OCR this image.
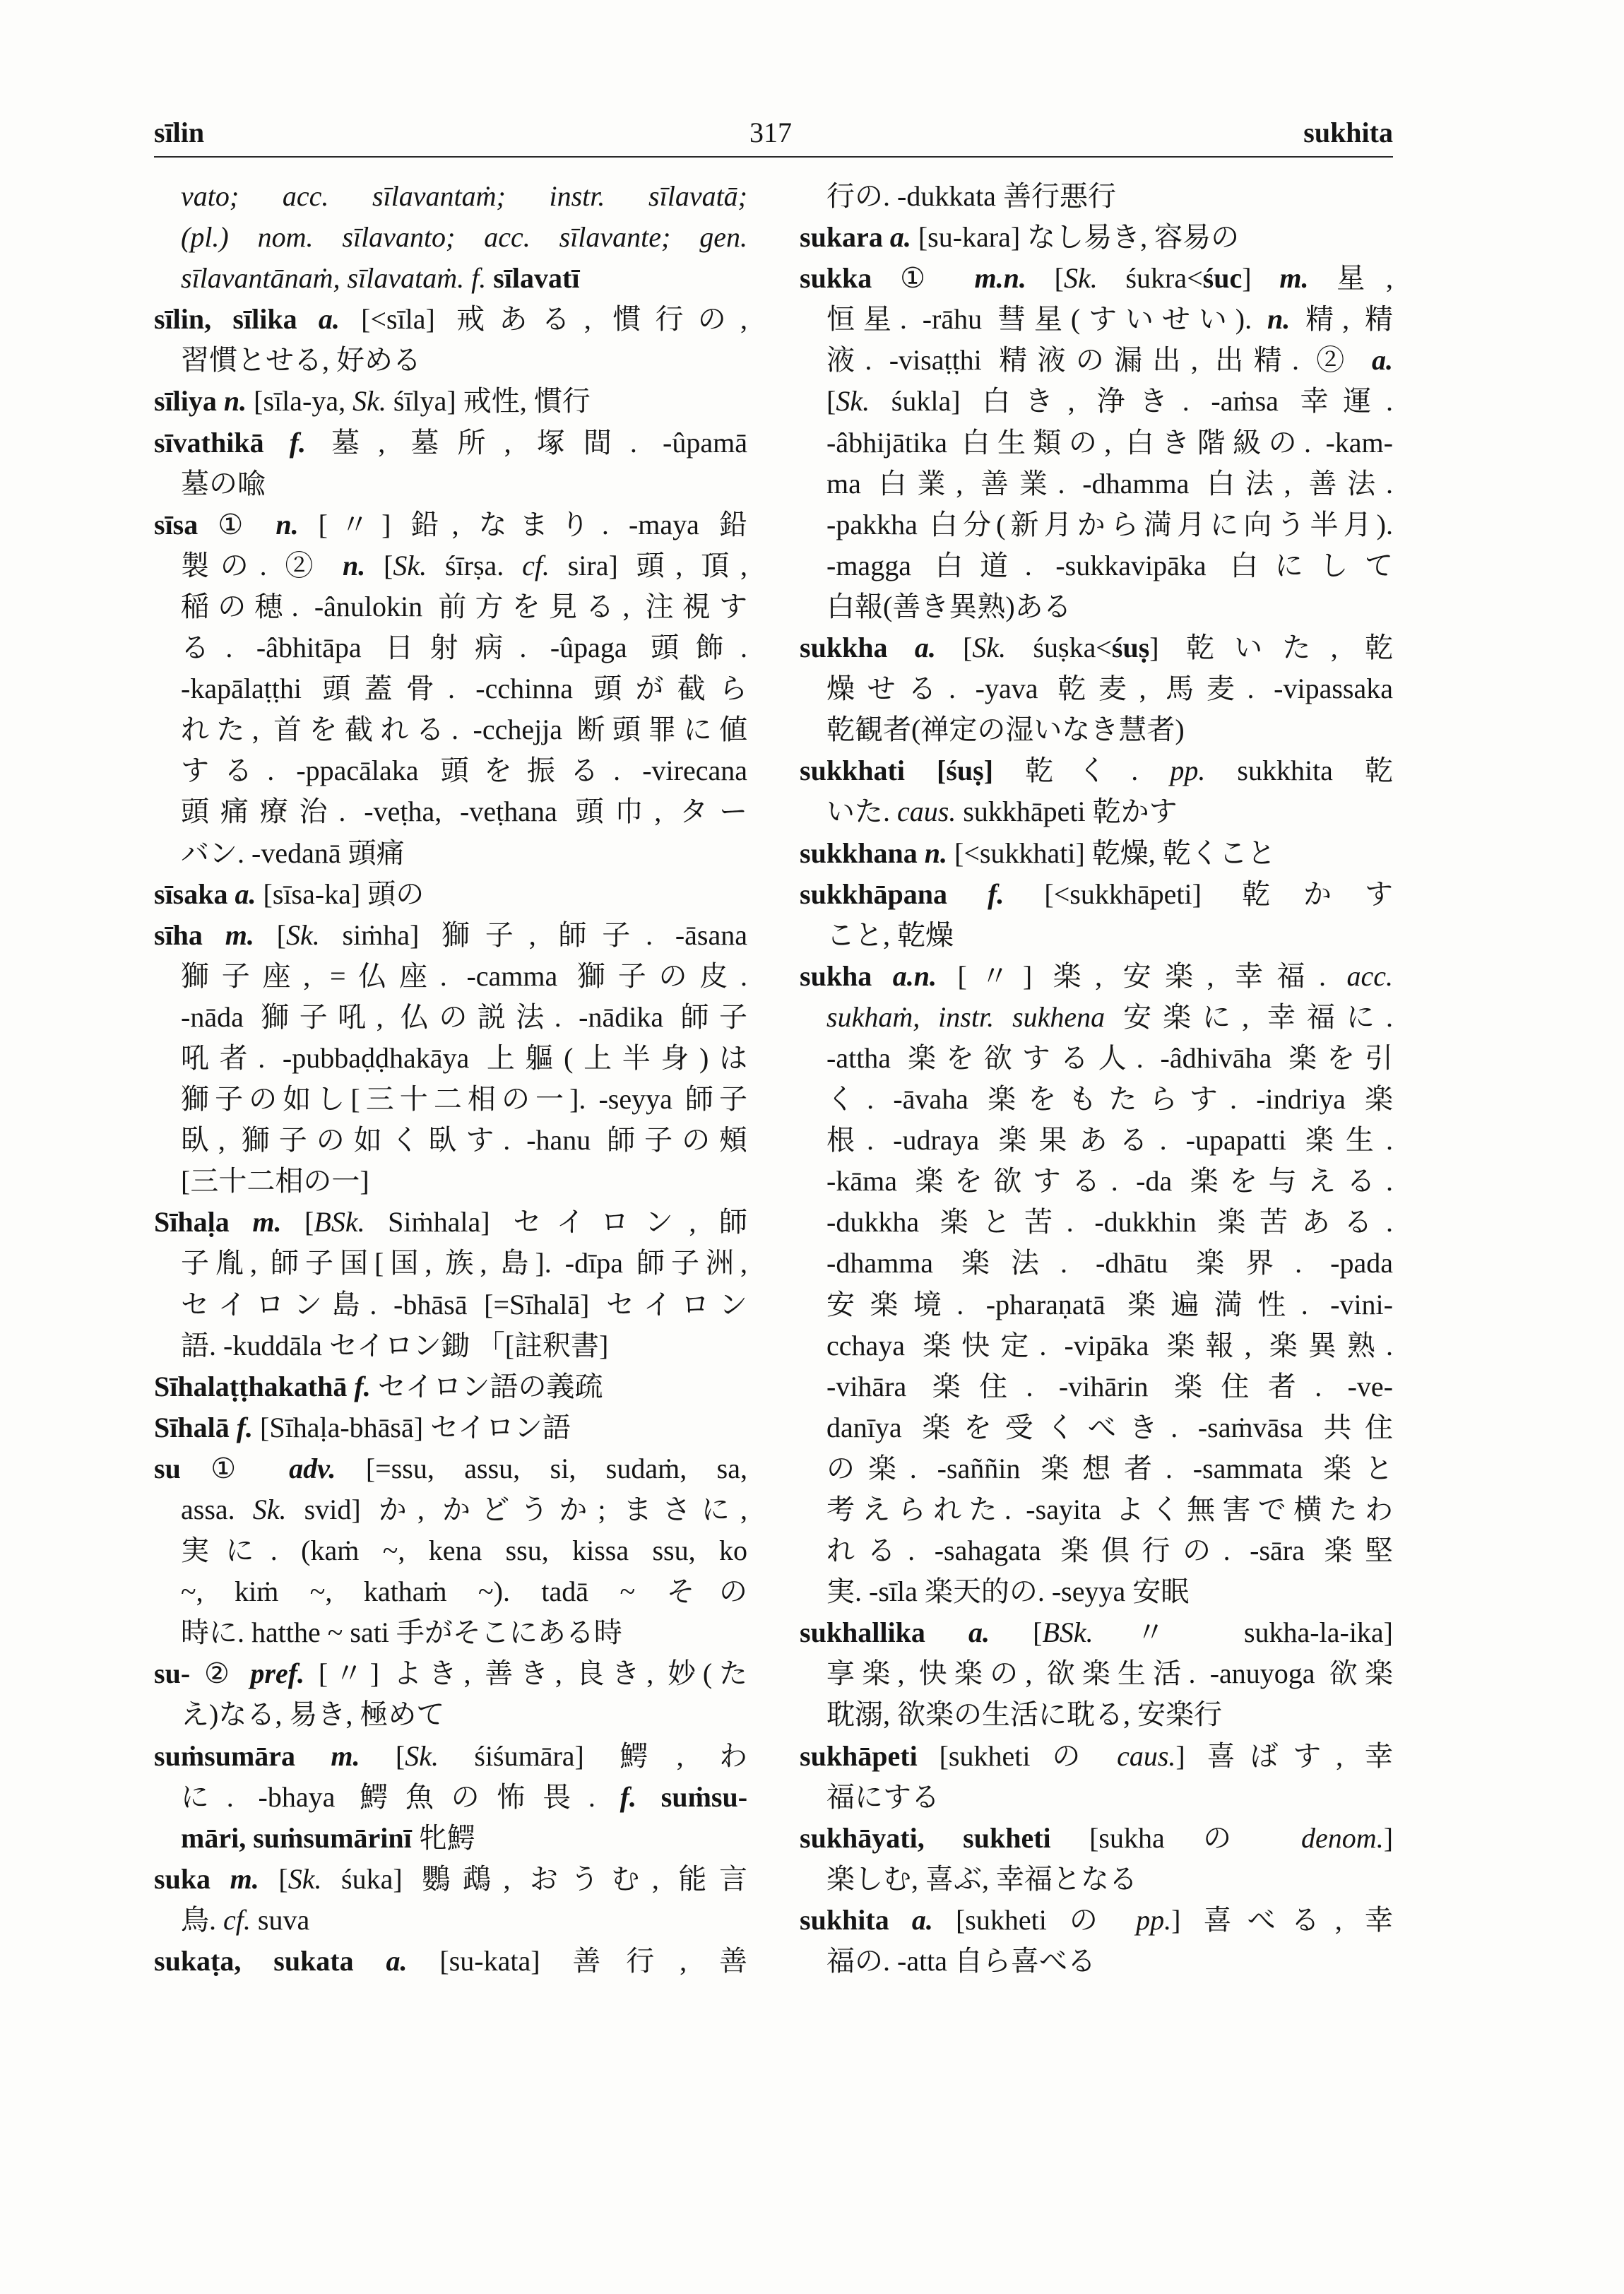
sīlin	317	sukhita
vato; acc. sīlavantaṁ; instr. sīlavatā;
(pl.) nom. sīlavanto; acc. sīlavante; gen.
sīlavantānaṁ, sīlavataṁ. f. sīlavatī
sīlin, sīlika a. [<sīla] 戒ある, 慣行の,
習慣とせる, 好める
sīliya n. [sīla-ya, Sk. śīlya] 戒性, 慣行
sīvathikā f. 墓, 墓所, 塚間. -ûpamā
墓の喩
sīsa ① n. [〃] 鉛, なまり. -maya 鉛
製の. ② n. [Sk. śīrṣa. cf. sira] 頭, 頂,
稲の穂. -ânulokin 前方を見る, 注視す
る. -âbhitāpa 日射病. -ûpaga 頭飾.
-kapālaṭṭhi 頭蓋骨. -cchinna 頭が截ら
れた, 首を截れる. -cchejja 断頭罪に値
する. -ppacālaka 頭を振る. -virecana
頭痛療治. -veṭha, -veṭhana 頭巾, ター
バン. -vedanā 頭痛
sīsaka a. [sīsa-ka] 頭の
sīha m. [Sk. siṁha] 獅子, 師子. -āsana
獅子座, =仏座. -camma 獅子の皮.
-nāda 獅子吼, 仏の説法. -nādika 師子
吼者. -pubbaḍḍhakāya 上軀(上半身)は
獅子の如し[三十二相の一]. -seyya 師子
臥, 獅子の如く臥す. -hanu 師子の頰
[三十二相の一]
Sīhaḷa m. [BSk. Siṁhala] セイロン, 師
子胤, 師子国[国, 族, 島]. -dīpa 師子洲,
セイロン島. -bhāsā [=Sīhalā] セイロン
語. -kuddāla セイロン鋤 「[註釈書]
Sīhalaṭṭhakathā f. セイロン語の義疏
Sīhalā f. [Sīhaḷa-bhāsā] セイロン語
su ① adv. [=ssu, assu, si, sudaṁ, sa,
assa. Sk. svid] か, かどうか; まさに,
実に. (kaṁ ~, kena ssu, kissa ssu, ko
~, kiṁ ~, kathaṁ ~). tadā ~ その
時に. hatthe ~ sati 手がそこにある時
su- ② pref. [〃] よき, 善き, 良き, 妙(た
え)なる, 易き, 極めて
suṁsumāra m. [Sk. śiśumāra] 鰐, わ
に. -bhaya 鰐魚の怖畏. f. suṁsu-
māri, suṁsumārinī 牝鰐
suka m. [Sk. śuka] 鸚鵡, おうむ, 能言
鳥. cf. suva
sukaṭa, sukata a. [su-kata] 善行, 善
行の. -dukkata 善行悪行
sukara a. [su-kara] なし易き, 容易の
sukka ① m.n. [Sk. śukra<śuc] m. 星,
恒星. -rāhu 彗星(すいせい). n. 精, 精
液. -visaṭṭhi 精液の漏出, 出精. ② a.
[Sk. śukla] 白き, 浄き. -aṁsa 幸運.
-âbhijātika 白生類の, 白き階級の. -kam-
ma 白業, 善業. -dhamma 白法, 善法.
-pakkha 白分(新月から満月に向う半月).
-magga 白道. -sukkavipāka 白にして
白報(善き異熟)ある
sukkha a. [Sk. śuṣka<śuṣ] 乾いた, 乾
燥せる. -yava 乾麦, 馬麦. -vipassaka
乾観者(禅定の湿いなき慧者)
sukkhati [śuṣ] 乾く. pp. sukkhita 乾
いた. caus. sukkhāpeti 乾かす
sukkhana n. [<sukkhati] 乾燥, 乾くこと
sukkhāpana f. [<sukkhāpeti] 乾かす
こと, 乾燥
sukha a.n. [〃] 楽, 安楽, 幸福. acc.
sukhaṁ, instr. sukhena 安楽に, 幸福に.
-attha 楽を欲する人. -âdhivāha 楽を引
く. -āvaha 楽をもたらす. -indriya 楽
根. -udraya 楽果ある. -upapatti 楽生.
-kāma 楽を欲する. -da 楽を与える.
-dukkha 楽と苦. -dukkhin 楽苦ある.
-dhamma 楽法. -dhātu 楽界. -pada
安楽境. -pharaṇatā 楽遍満性. -vini-
cchaya 楽快定. -vipāka 楽報, 楽異熟.
-vihāra 楽住. -vihārin 楽住者. -ve-
danīya 楽を受くべき. -saṁvāsa 共住
の楽. -saññin 楽想者. -sammata 楽と
考えられた. -sayita よく無害で横たわ
れる. -sahagata 楽倶行の. -sāra 楽堅
実. -sīla 楽天的の. -seyya 安眠
sukhallika a. [BSk. 〃 sukha-la-ika]
享楽, 快楽の, 欲楽生活. -anuyoga 欲楽
耽溺, 欲楽の生活に耽る, 安楽行
sukhāpeti [sukheti の caus.] 喜ばす, 幸
福にする
sukhāyati, sukheti [sukha の denom.]
楽しむ, 喜ぶ, 幸福となる
sukhita a. [sukheti の pp.] 喜べる, 幸
福の. -atta 自ら喜べる
